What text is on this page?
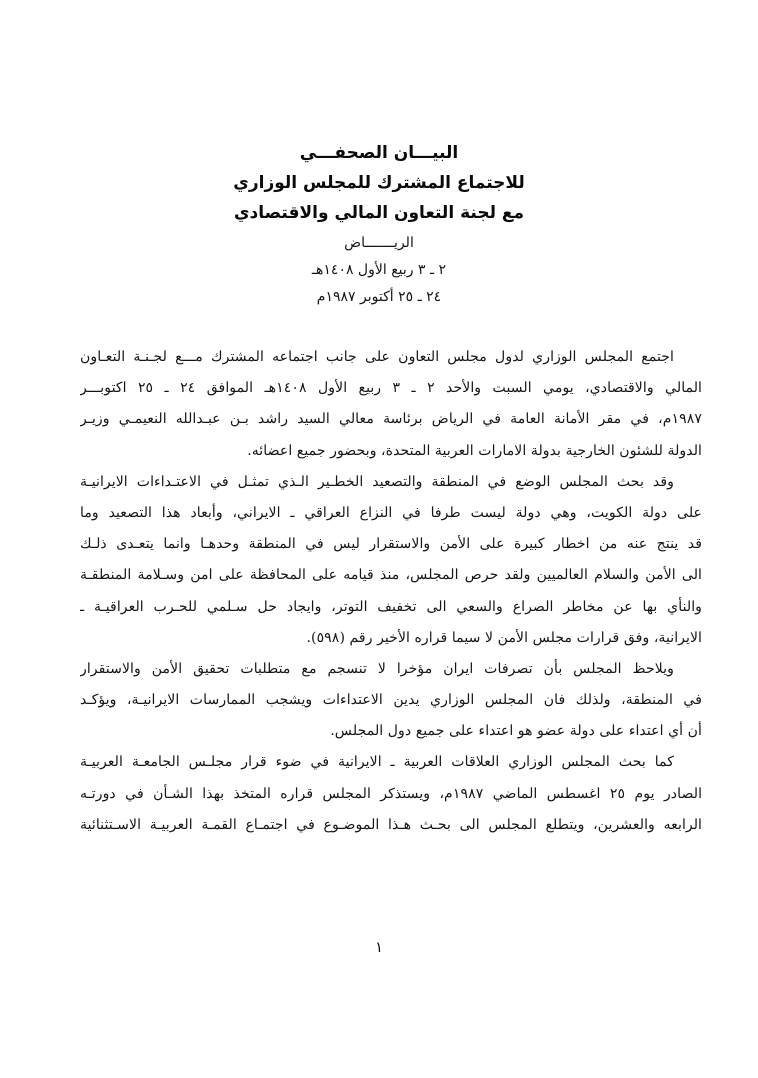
البيـــان الصحفـــي
للاجتماع المشترك للمجلس الوزاري
مع لجنة التعاون المالي والاقتصادي
الريـــــــاض
٢ ـ ٣ ربيع الأول ١٤٠٨هـ
٢٤ ـ ٢٥ أكتوبر ١٩٨٧م
اجتمع المجلس الوزاري لدول مجلس التعاون على جانب اجتماعه المشترك مـــع لجـنـة التعـاون
المالي والاقتصادي، يومي السبت والأحد ٢ ـ ٣ ربيع الأول ١٤٠٨هـ الموافق ٢٤ ـ ٢٥ اكتوبـــر
١٩٨٧م، في مقر الأمانة العامة في الرياض برئاسة معالي السيد راشد بـن عبـدالله النعيمـي وزيـر
الدولة للشئون الخارجية بدولة الامارات العربية المتحدة، وبحضور جميع اعضائه.
وقد بحث المجلس الوضع في المنطقة والتصعيد الخطـير الـذي تمثـل في الاعتـداءات الايرانيـة
على دولة الكويت، وهي دولة ليست طرفا في النزاع العراقي ـ الايراني، وأبعاد هذا التصعيد وما
قد ينتج عنه من اخطار كبيرة على الأمن والاستقرار ليس في المنطقة وحدهـا وانما يتعـدى ذلـك
الى الأمن والسلام العالميين ولقد حرص المجلس، منذ قيامه على المحافظة على امن وسـلامة المنطقـة
والنأي بها عن مخاطر الصراع والسعي الى تخفيف التوتر، وايجاد حل سـلمي للحـرب العراقيـة ـ
الايرانية، وفق قرارات مجلس الأمن لا سيما قراره الأخير رقم (٥٩٨).
ويلاحظ المجلس بأن تصرفات ايران مؤخرا لا تنسجم مع متطلبات تحقيق الأمن والاستقرار
في المنطقة، ولذلك فان المجلس الوزاري يدين الاعتداءات ويشجب الممارسات الايرانيـة، ويؤكـد
أن أي اعتداء على دولة عضو هو اعتداء على جميع دول المجلس.
كما بحث المجلس الوزاري العلاقات العربية ـ الايرانية في ضوء قرار مجلـس الجامعـة العربيـة
الصادر يوم ٢٥ اغسطس الماضي ١٩٨٧م، ويستذكر المجلس قراره المتخذ بهذا الشـأن في دورتـه
الرابعه والعشرين، ويتطلع المجلس الى بحـث هـذا الموضـوع في اجتمـاع القمـة العربيـة الاسـتثنائية
١
